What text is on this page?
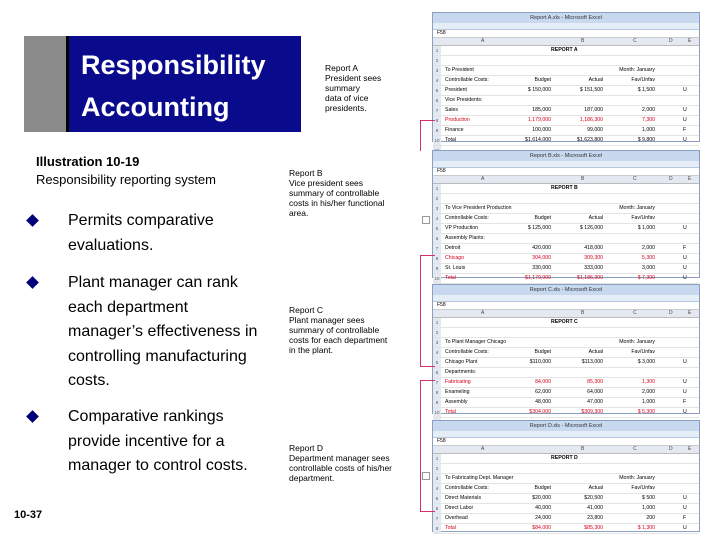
Responsibility
Accounting
Illustration 10-19
Responsibility reporting system
Permits comparative
evaluations.
Plant manager can rank
each department
manager’s effectiveness in
controlling manufacturing
costs.
Comparative rankings
provide incentive for a
manager to control costs.
10-37
Report A
President sees
summary
data of vice
presidents.
Report B
Vice president sees
summary of controllable
costs in his/her functional
area.
Report C
Plant manager sees
summary of controllable
costs for each department
in the plant.
Report D
Department manager sees
controllable costs of his/her
department.
Report A.xls - Microsoft Excel
F58
A	B	C	D	E
1	REPORT A
2
3	To President	Month: January
4	Controllable Costs:	Budget	Actual	Fav/Unfav
5	President	$ 150,000	$ 151,500	$ 1,500	U
6	Vice Presidents:
7	Sales	185,000	187,000	2,000	U
8	Production	1,179,000	1,186,300	7,300	U
9	Finance	100,000	99,000	1,000	F
10 Total	$1,614,000	$1,623,800	$ 9,800	U
Report B.xls - Microsoft Excel
F58
A	B	C	D	E
1	REPORT B
2
3	To Vice President Production	Month: January
4	Controllable Costs:	Budget	Actual	Fav/Unfav
5	VP Production	$ 125,000	$ 126,000	$ 1,000	U
6	Assembly Plants:
7	Detroit	420,000	418,000	2,000	F
8	Chicago	304,000	309,300	5,300	U
9	St. Louis	330,000	333,000	3,000	U
10 Total	$1,179,000	$1,186,300	$ 7,300	U
Report C.xls - Microsoft Excel
F58
A	B	C	D	E
1	REPORT C
2
3	To Plant Manager Chicago	Month: January
4	Controllable Costs:	Budget	Actual	Fav/Unfav
5	Chicago Plant	$110,000	$113,000	$ 3,000	U
6	Departments:
7	Fabricating	84,000	85,300	1,300	U
8	Enameling	62,000	64,000	2,000	U
9	Assembly	48,000	47,000	1,000	F
10 Total	$304,000	$309,300	$ 5,300	U
Report D.xls - Microsoft Excel
F58
A	B	C	D	E
1	REPORT D
2
3	To Fabricating Dept. Manager	Month: January
4	Controllable Costs:	Budget	Actual	Fav/Unfav
5	Direct Materials	$20,000	$20,500	$ 500	U
6	Direct Labor	40,000	41,000	1,000	U
7	Overhead	24,000	23,800	200	F
8	Total	$84,000	$85,300	$ 1,300	U
